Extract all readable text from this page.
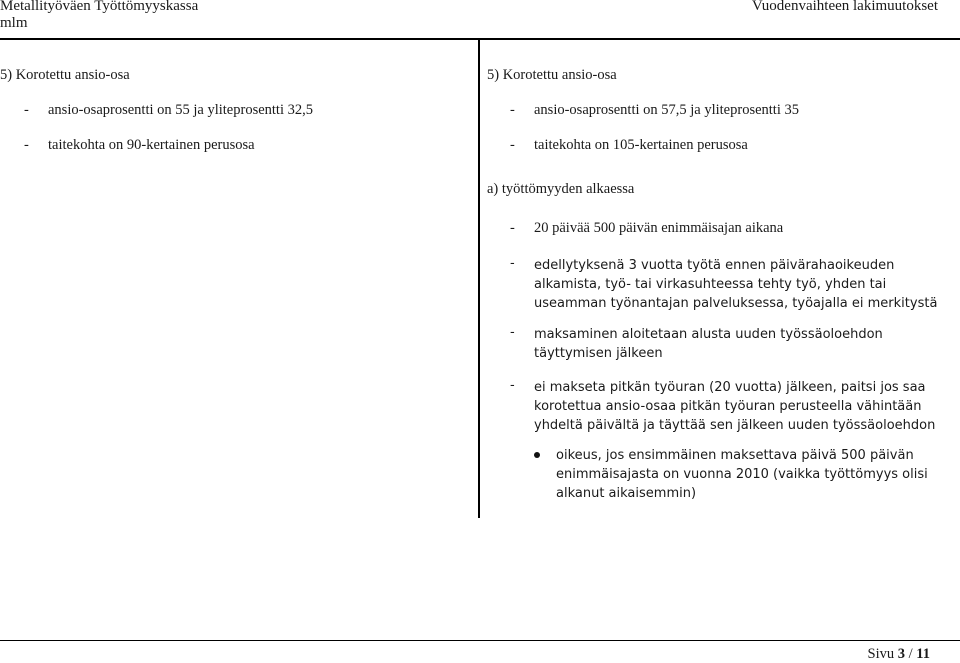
Metallityöväen Työttömyyskassa
mlm
Vuodenvaihteen lakimuutokset
5) Korotettu ansio-osa
- ansio-osaprosentti on 55 ja yliteprosentti 32,5
- taitekohta on 90-kertainen perusosa
5) Korotettu ansio-osa
- ansio-osaprosentti on 57,5 ja yliteprosentti 35
- taitekohta on 105-kertainen perusosa
a) työttömyyden alkaessa
- 20 päivää 500 päivän enimmäisajan aikana
- edellytyksenä 3 vuotta työtä ennen päivärahaoikeuden alkamista, työ- tai virkasuhteessa tehty työ, yhden tai useamman työnantajan palveluksessa, työajalla ei merkitystä
- maksaminen aloitetaan alusta uuden työssäoloehdon täyttymisen jälkeen
- ei makseta pitkän työuran (20 vuotta) jälkeen, paitsi jos saa korotettua ansio-osaa pitkän työuran perusteella vähintään yhdeltä päivältä ja täyttää sen jälkeen uuden työssäoloehdon
oikeus, jos ensimmäinen maksettava päivä 500 päivän enimmäisajasta on vuonna 2010 (vaikka työttömyys olisi alkanut aikaisemmin)
Sivu 3 / 11
